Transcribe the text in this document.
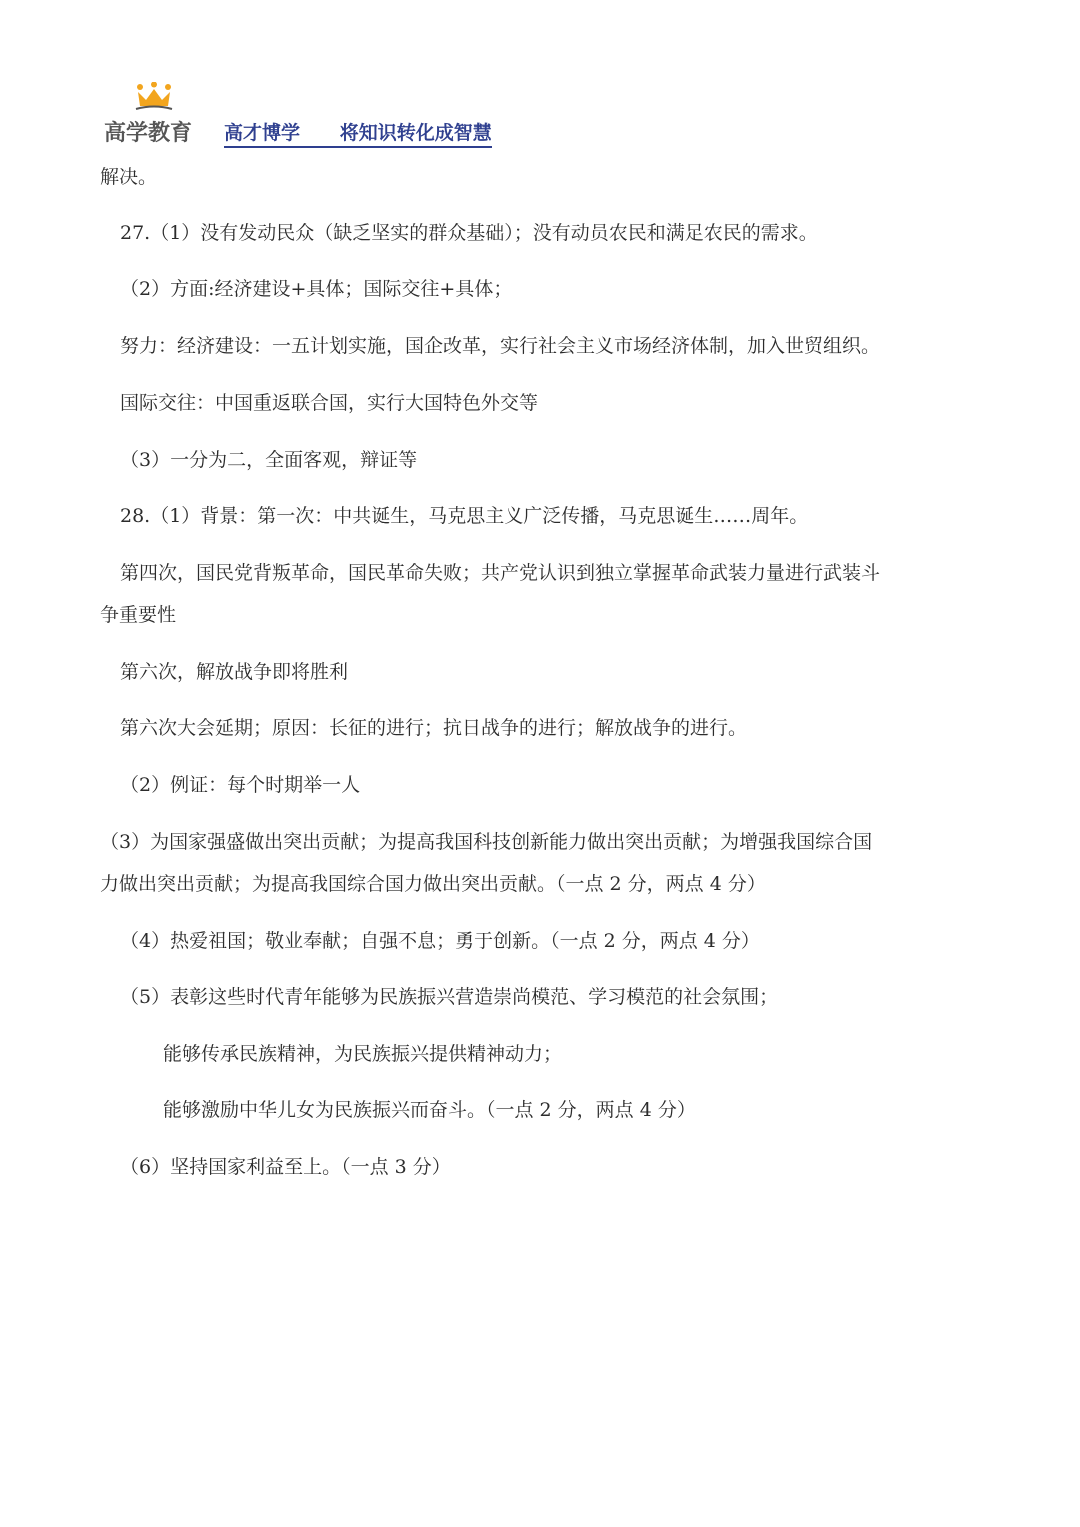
高学教育 高才博学 将知识转化成智慧
解决。
27.（1）没有发动民众（缺乏坚实的群众基础）；没有动员农民和满足农民的需求。
（2）方面:经济建设+具体；国际交往+具体；
努力：经济建设：一五计划实施，国企改革，实行社会主义市场经济体制，加入世贸组织。
国际交往：中国重返联合国，实行大国特色外交等
（3）一分为二，全面客观，辩证等
28.（1）背景：第一次：中共诞生，马克思主义广泛传播，马克思诞生……周年。
第四次，国民党背叛革命，国民革命失败；共产党认识到独立掌握革命武装力量进行武装斗
争重要性
第六次，解放战争即将胜利
第六次大会延期；原因：长征的进行；抗日战争的进行；解放战争的进行。
（2）例证：每个时期举一人
（3）为国家强盛做出突出贡献；为提高我国科技创新能力做出突出贡献；为增强我国综合国
力做出突出贡献；为提高我国综合国力做出突出贡献。（一点 2 分，两点 4 分）
（4）热爱祖国；敬业奉献；自强不息；勇于创新。（一点 2 分，两点 4 分）
（5）表彰这些时代青年能够为民族振兴营造崇尚模范、学习模范的社会氛围；
能够传承民族精神，为民族振兴提供精神动力；
能够激励中华儿女为民族振兴而奋斗。（一点 2 分，两点 4 分）
（6）坚持国家利益至上。（一点 3 分）
